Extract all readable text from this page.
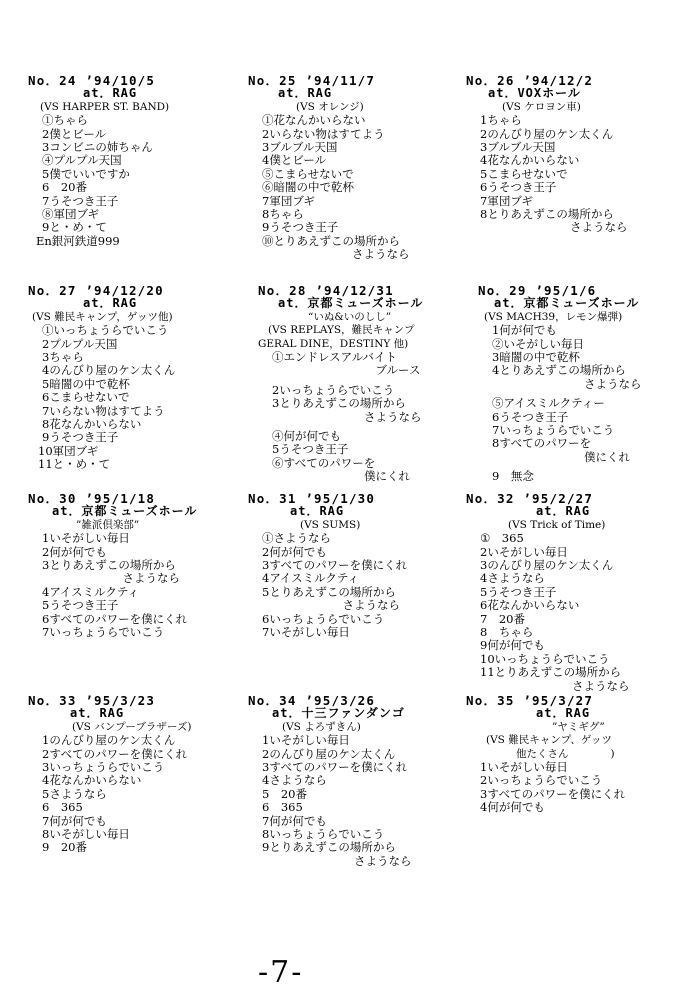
No．24 ’94/10/5
at．RAG
(VS HARPER ST. BAND)
①ちゃら
2僕とビール
3コンビニの姉ちゃん
④プルプル天国
5僕でいいですか
6　20番
7うそつき王子
⑧軍団ブギ
9と・め・て
En銀河鉄道999
No．25 ’94/11/7
at．RAG
(VS オレンジ)
①花なんかいらない
2いらない物はすてよう
3ブルブル天国
4僕とビール
⑤こまらせないで
⑥暗闇の中で乾杯
7軍団ブギ
8ちゃら
9うそつき王子
⑩とりあえずこの場所から
さようなら
No．26 ’94/12/2
at．VOXホール
(VS ケロヨン車)
1ちゃら
2のんびり屋のケン太くん
3ブルブル天国
4花なんかいらない
5こまらせないで
6うそつき王子
7軍団ブギ
8とりあえずこの場所から
さようなら
No．27 ’94/12/20
at．RAG
(VS 難民キャンプ，ゲッツ他)
①いっちょうらでいこう
2プルプル天国
3ちゃら
4のんびり屋のケン太くん
5暗闇の中で乾杯
6こまらせないで
7いらない物はすてよう
8花なんかいらない
9うそつき王子
10軍団ブギ
11と・め・て
No．28 ’94/12/31
at．京都ミューズホール
“いぬ&いのしし”
(VS REPLAYS，難民キャンプ
GERAL DINE，DESTINY 他)
①エンドレスアルバイト
　　　　　　　　　ブルース
2いっちょうらでいこう
3とりあえずこの場所から
　　　　　　　　さようなら
④何が何でも
5うそつき王子
⑥すべてのパワーを
　　　　　　　　僕にくれ
No．29 ’95/1/6
at．京都ミューズホール
(VS MACH39，レモン爆弾)
1何が何でも
②いそがしい毎日
3暗闇の中で乾杯
4とりあえずこの場所から
　　　　　　　　さようなら
⑤アイスミルクティー
6うそつき王子
7いっちょうらでいこう
8すべてのパワーを
　　　　　　　　僕にくれ
9　無念
No．30 ’95/1/18
at．京都ミューズホール
”雑派倶楽部”
1いそがしい毎日
2何が何でも
3とりあえずこの場所から
　　　　　　　さようなら
4アイスミルクティ
5うそつき王子
6すべてのパワーを僕にくれ
7いっちょうらでいこう
No．31 ’95/1/30
at．RAG
(VS SUMS)
①さようなら
2何が何でも
3すべてのパワーを僕にくれ
4アイスミルクティ
5とりあえずこの場所から
　　　　　　　さようなら
6いっちょうらでいこう
7いそがしい毎日
No．32 ’95/2/27
at．RAG
(VS Trick of Time)
①　365
2いそがしい毎日
3のんびり屋のケン太くん
4さようなら
5うそつき王子
6花なんかいらない
7　20番
8　ちゃら
9何が何でも
10いっちょうらでいこう
11とりあえずこの場所から
　　　　　　　　さようなら
No．33 ’95/3/23
at．RAG
(VS バンプーブラザーズ)
1のんびり屋のケン太くん
2すべてのパワーを僕にくれ
3いっちょうらでいこう
4花なんかいらない
5さようなら
6　365
7何が何でも
8いそがしい毎日
9　20番
No．34 ’95/3/26
at．十三ファンダンゴ
(VS よろずきん)
1いそがしい毎日
2のんびり屋のケン太くん
3すべてのパワーを僕にくれ
4さようなら
5　20番
6　365
7何が何でも
8いっちょうらでいこう
9とりあえずこの場所から
　　　　　　　　さようなら
No．35 ’95/3/27
at．RAG
”ヤミギグ”
(VS 難民キャンプ、ゲッツ
他たくさん　　　　)
1いそがしい毎日
2いっちょうらでいこう
3すべてのパワーを僕にくれ
4何が何でも
-7-
